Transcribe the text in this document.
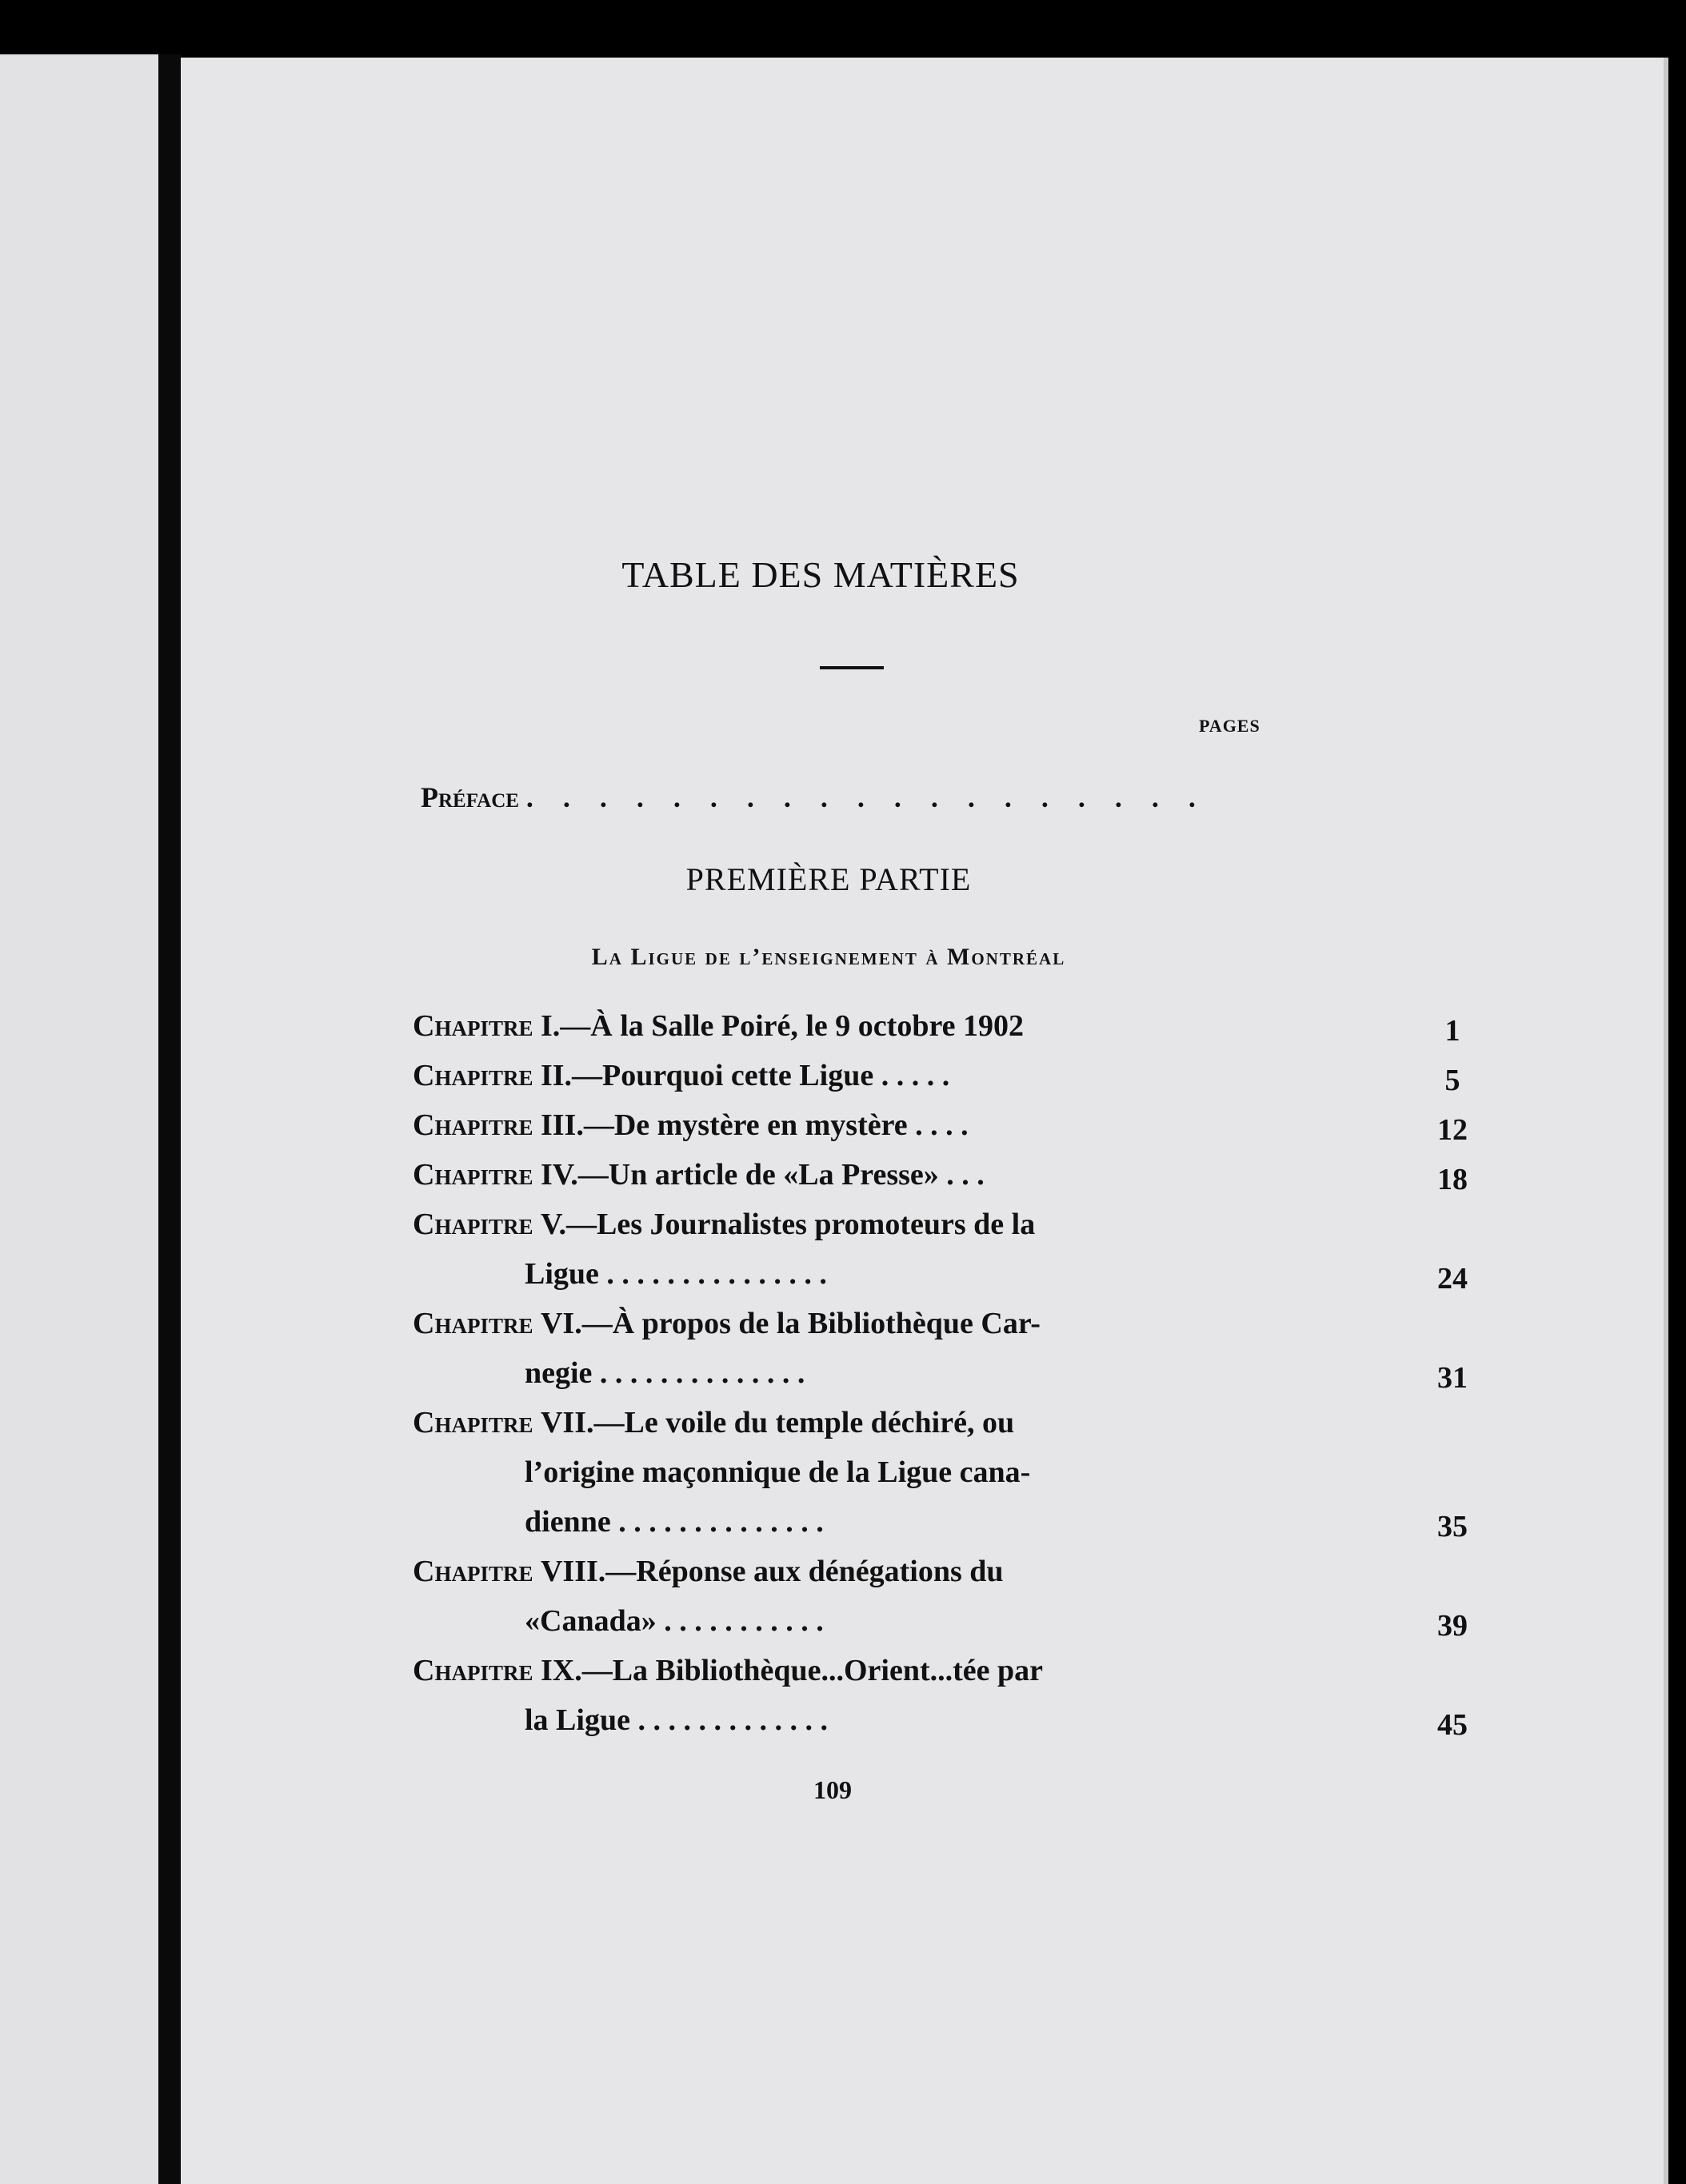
TABLE DES MATIÈRES
PAGES
Préface . . . . . . . . . . . . . . . . . . .
PREMIÈRE PARTIE
La Ligue de l’enseignement à Montréal
Chapitre I.—À la Salle Poiré, le 9 octobre 1902	1
Chapitre II.—Pourquoi cette Ligue . . . . .	5
Chapitre III.—De mystère en mystère . . . .	12
Chapitre IV.—Un article de «La Presse» . . .	18
Chapitre V.—Les Journalistes promoteurs de la
Ligue . . . . . . . . . . . . . . .	24
Chapitre VI.—À propos de la Bibliothèque Car-
negie . . . . . . . . . . . . . .	31
Chapitre VII.—Le voile du temple déchiré, ou
l’origine maçonnique de la Ligue cana-
dienne . . . . . . . . . . . . . .	35
Chapitre VIII.—Réponse aux dénégations du
«Canada» . . . . . . . . . . .	39
Chapitre IX.—La Bibliothèque...Orient...tée par
la Ligue . . . . . . . . . . . . .	45
109
